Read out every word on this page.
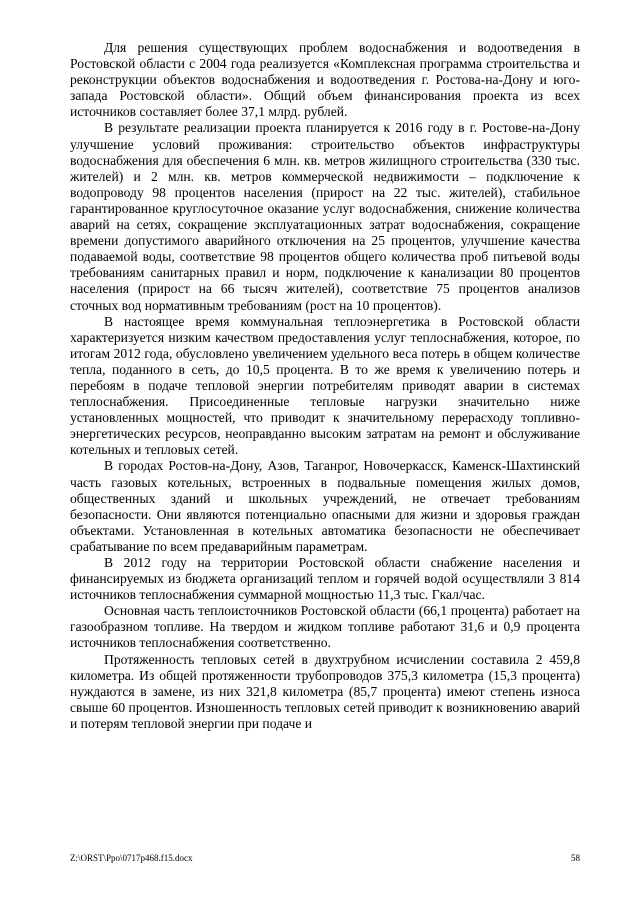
Для решения существующих проблем водоснабжения и водоотведения в Ростовской области с 2004 года реализуется «Комплексная программа строительства и реконструкции объектов водоснабжения и водоотведения г. Ростова-на-Дону и юго-запада Ростовской области». Общий объем финансирования проекта из всех источников составляет более 37,1 млрд. рублей.

В результате реализации проекта планируется к 2016 году в г. Ростове-на-Дону улучшение условий проживания: строительство объектов инфраструктуры водоснабжения для обеспечения 6 млн. кв. метров жилищного строительства (330 тыс. жителей) и 2 млн. кв. метров коммерческой недвижимости – подключение к водопроводу 98 процентов населения (прирост на 22 тыс. жителей), стабильное гарантированное круглосуточное оказание услуг водоснабжения, снижение количества аварий на сетях, сокращение эксплуатационных затрат водоснабжения, сокращение времени допустимого аварийного отключения на 25 процентов, улучшение качества подаваемой воды, соответствие 98 процентов общего количества проб питьевой воды требованиям санитарных правил и норм, подключение к канализации 80 процентов населения (прирост на 66 тысяч жителей), соответствие 75 процентов анализов сточных вод нормативным требованиям (рост на 10 процентов).

В настоящее время коммунальная теплоэнергетика в Ростовской области характеризуется низким качеством предоставления услуг теплоснабжения, которое, по итогам 2012 года, обусловлено увеличением удельного веса потерь в общем количестве тепла, поданного в сеть, до 10,5 процента. В то же время к увеличению потерь и перебоям в подаче тепловой энергии потребителям приводят аварии в системах теплоснабжения. Присоединенные тепловые нагрузки значительно ниже установленных мощностей, что приводит к значительному перерасходу топливно-энергетических ресурсов, неоправданно высоким затратам на ремонт и обслуживание котельных и тепловых сетей.

В городах Ростов-на-Дону, Азов, Таганрог, Новочеркасск, Каменск-Шахтинский часть газовых котельных, встроенных в подвальные помещения жилых домов, общественных зданий и школьных учреждений, не отвечает требованиям безопасности. Они являются потенциально опасными для жизни и здоровья граждан объектами. Установленная в котельных автоматика безопасности не обеспечивает срабатывание по всем предаварийным параметрам.

В 2012 году на территории Ростовской области снабжение населения и финансируемых из бюджета организаций теплом и горячей водой осуществляли 3 814 источников теплоснабжения суммарной мощностью 11,3 тыс. Гкал/час.

Основная часть теплоисточников Ростовской области (66,1 процента) работает на газообразном топливе. На твердом и жидком топливе работают 31,6 и 0,9 процента источников теплоснабжения соответственно.

Протяженность тепловых сетей в двухтрубном исчислении составила 2 459,8 километра. Из общей протяженности трубопроводов 375,3 километра (15,3 процента) нуждаются в замене, из них 321,8 километра (85,7 процента) имеют степень износа свыше 60 процентов. Изношенность тепловых сетей приводит к возникновению аварий и потерям тепловой энергии при подаче и

Z:\ORST\Ppo\0717p468.f15.docx	58
